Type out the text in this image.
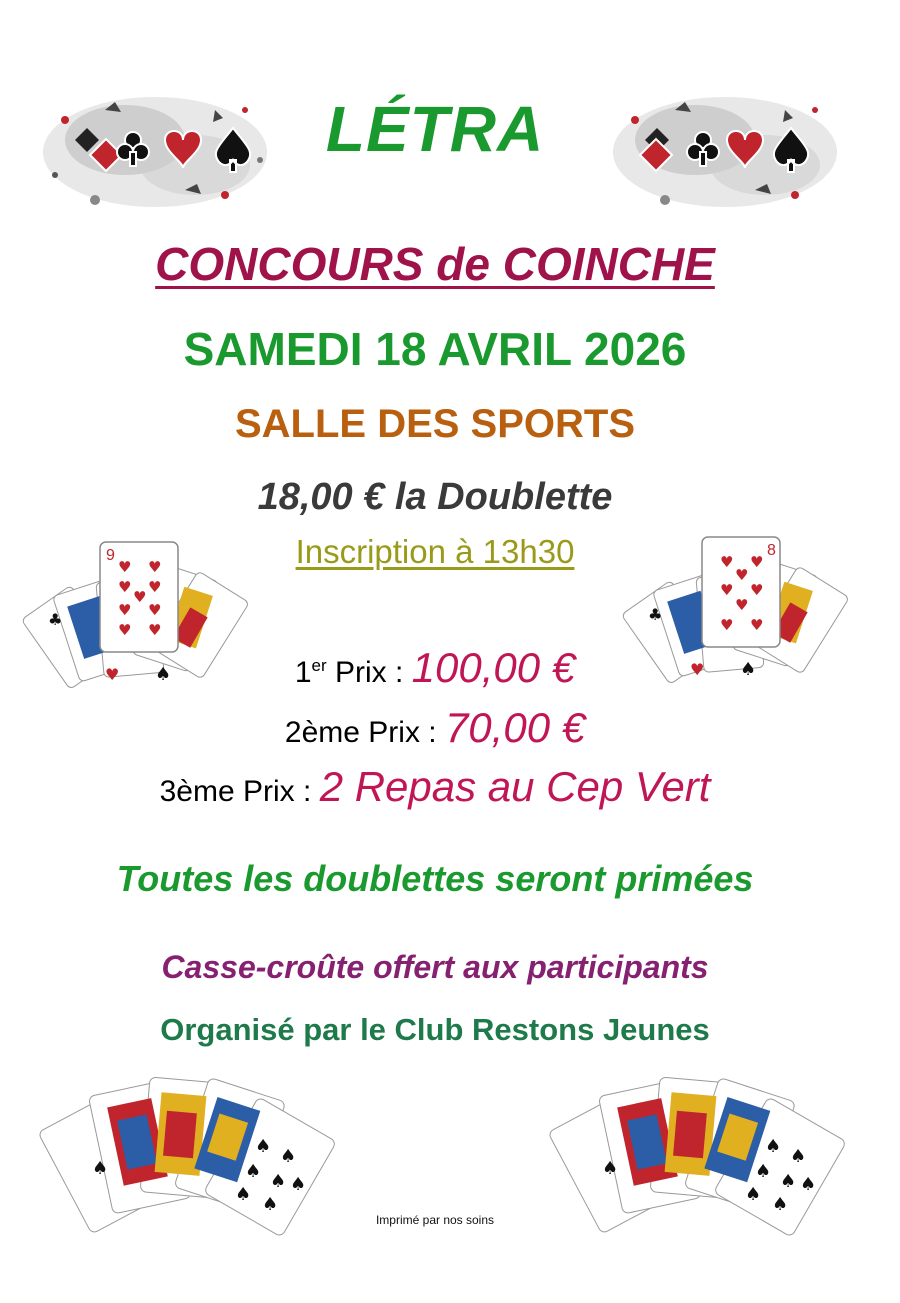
LÉTRA
CONCOURS de COINCHE
SAMEDI 18 AVRIL 2026
SALLE DES SPORTS
18,00 € la Doublette
Inscription à 13h30
9
♥ ♥
♥ ♥
♥
♥ ♥
♥ ♥
♠
♥
♣
8
♥ ♥
♥
♥ ♥
♥
♥ ♥
♠
♥
♣
1er Prix : 100,00 €
2ème Prix : 70,00 €
3ème Prix : 2 Repas au Cep Vert
Toutes les doublettes seront primées
Casse-croûte offert aux participants
Organisé par le Club Restons Jeunes
♠
♠ ♠
♠ ♠
♠ ♠
♠
♠
♠ ♠
♠ ♠
♠ ♠
♠
Imprimé par nos soins
